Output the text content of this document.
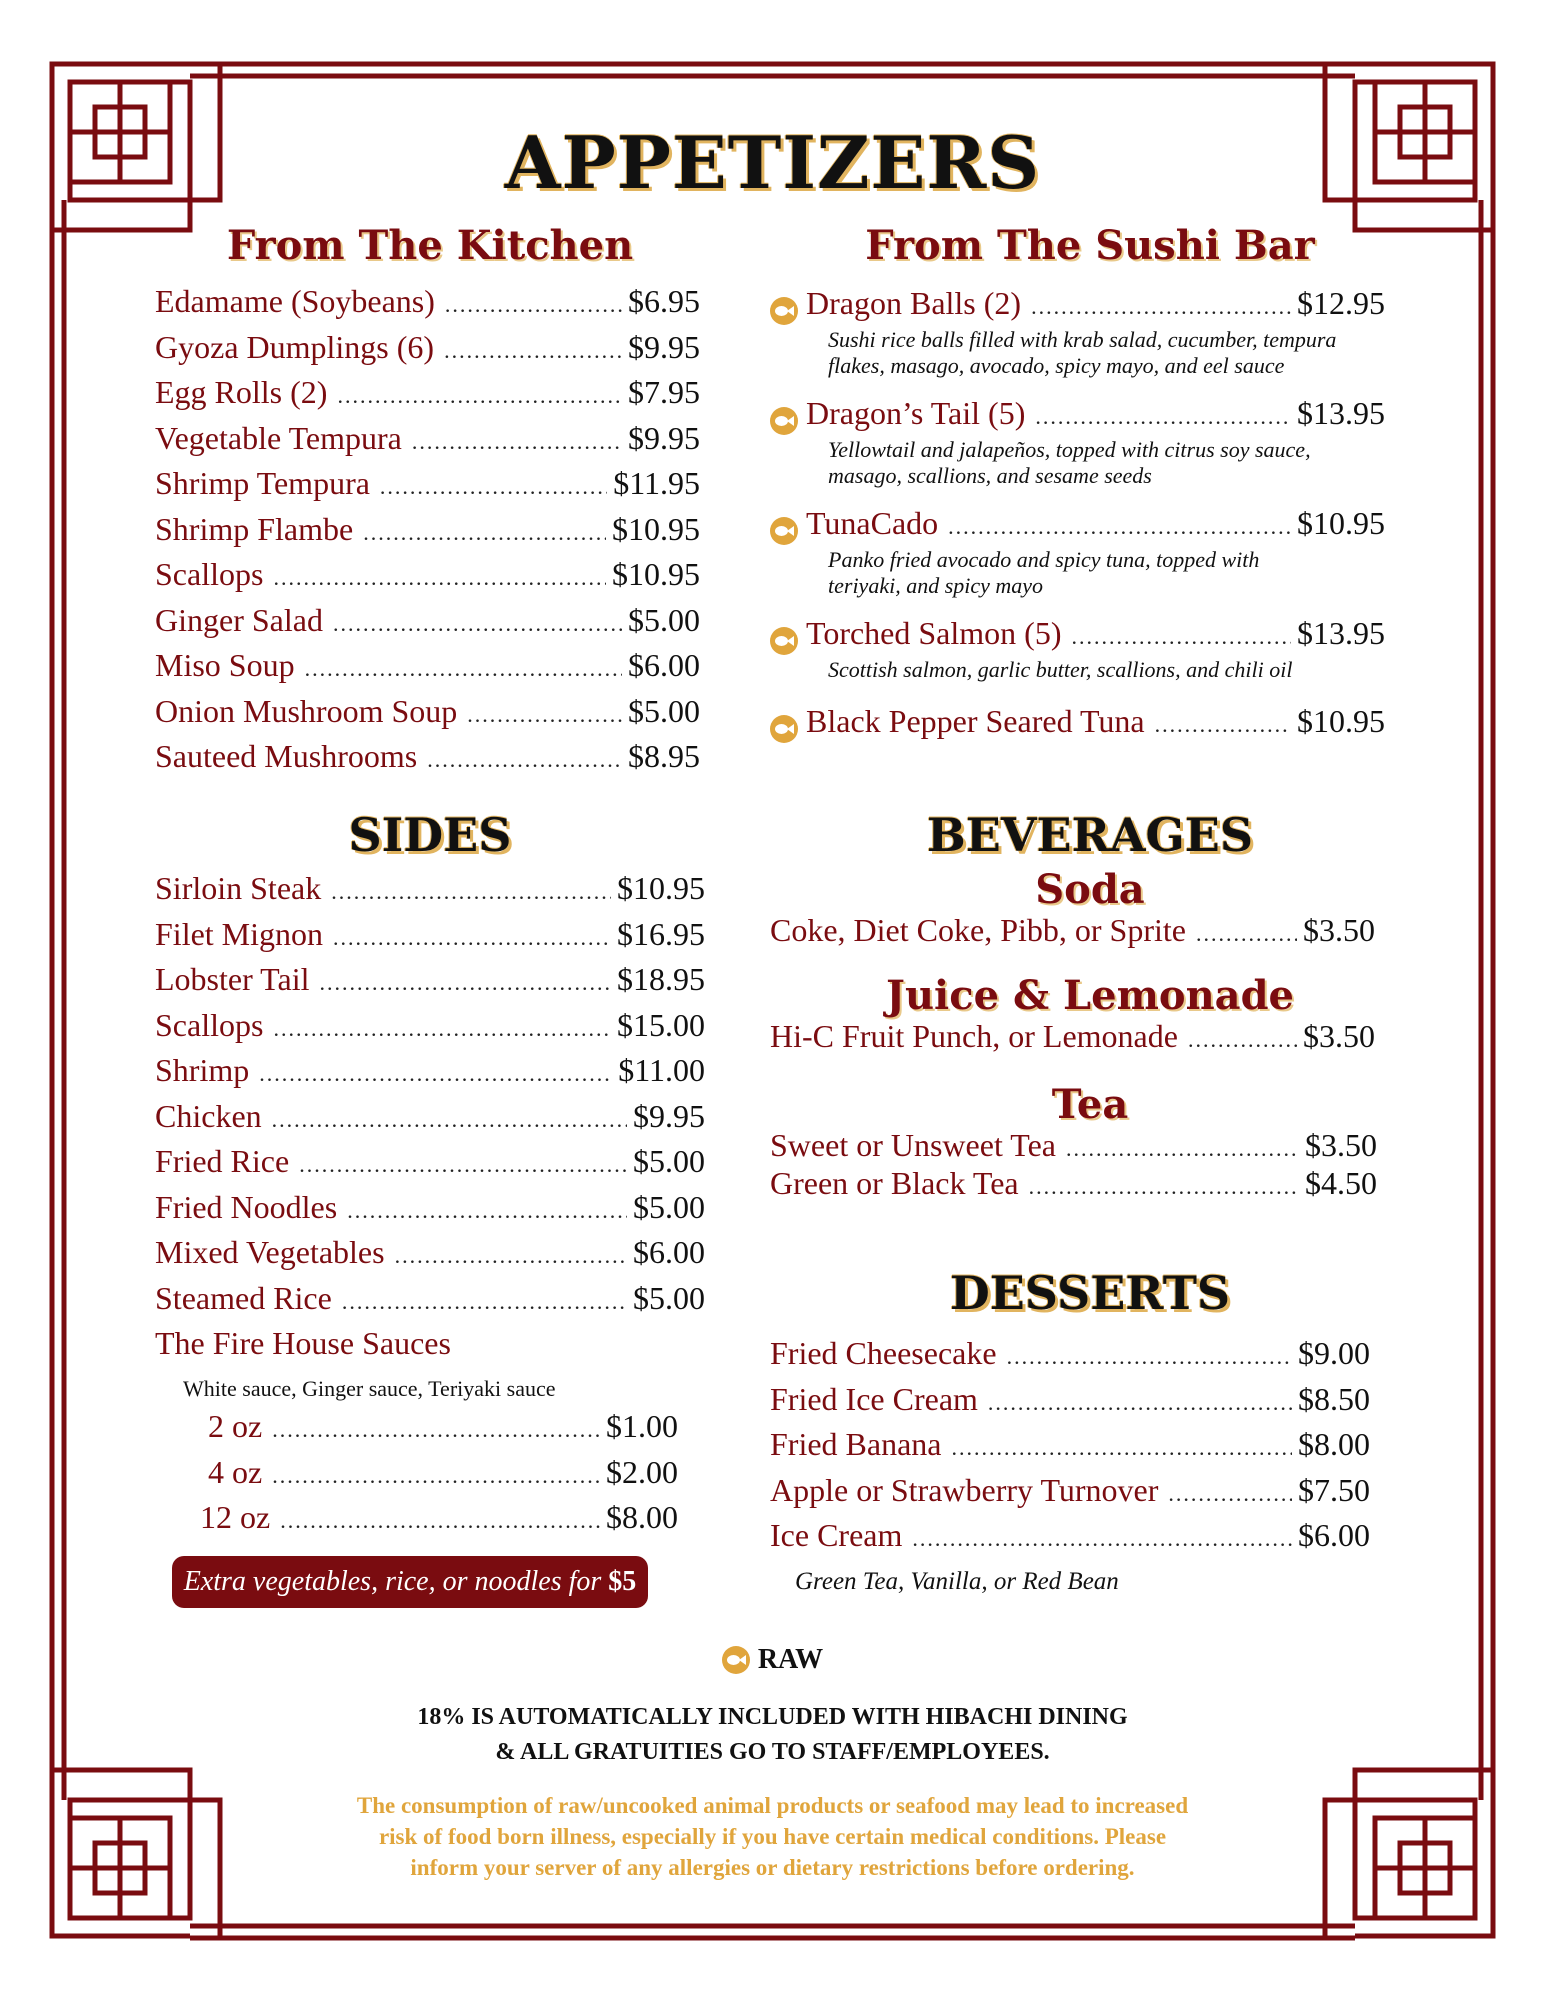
APPETIZERS
From The Kitchen
Edamame (Soybeans) .....	$6.95
Gyoza Dumplings (6) .....	$9.95
Egg Rolls (2) .....	$7.95
Vegetable Tempura .....	$9.95
Shrimp Tempura .....	$11.95
Shrimp Flambe .....	$10.95
Scallops .....	$10.95
Ginger Salad .....	$5.00
Miso Soup .....	$6.00
Onion Mushroom Soup .....	$5.00
Sauteed Mushrooms .....	$8.95
From The Sushi Bar
Dragon Balls (2) .....	$12.95
Sushi rice balls filled with krab salad, cucumber, tempura
flakes, masago, avocado, spicy mayo, and eel sauce
Dragon’s Tail (5) .....	$13.95
Yellowtail and jalapeños, topped with citrus soy sauce,
masago, scallions, and sesame seeds
TunaCado .....	$10.95
Panko fried avocado and spicy tuna, topped with
teriyaki, and spicy mayo
Torched Salmon (5) .....	$13.95
Scottish salmon, garlic butter, scallions, and chili oil
Black Pepper Seared Tuna .....	$10.95
SIDES
Sirloin Steak .....	$10.95
Filet Mignon .....	$16.95
Lobster Tail .....	$18.95
Scallops .....	$15.00
Shrimp .....	$11.00
Chicken .....	$9.95
Fried Rice .....	$5.00
Fried Noodles .....	$5.00
Mixed Vegetables .....	$6.00
Steamed Rice .....	$5.00
The Fire House Sauces
White sauce, Ginger sauce, Teriyaki sauce
2 oz .....	$1.00
4 oz .....	$2.00
12 oz .....	$8.00
Extra vegetables, rice, or noodles for $5
BEVERAGES
Soda
Coke, Diet Coke, Pibb, or Sprite .....	$3.50
Juice & Lemonade
Hi-C Fruit Punch, or Lemonade .....	$3.50
Tea
Sweet or Unsweet Tea .....	$3.50
Green or Black Tea .....	$4.50
DESSERTS
Fried Cheesecake .....	$9.00
Fried Ice Cream .....	$8.50
Fried Banana .....	$8.00
Apple or Strawberry Turnover .....	$7.50
Ice Cream .....	$6.00
Green Tea, Vanilla, or Red Bean
RAW
18% IS AUTOMATICALLY INCLUDED WITH HIBACHI DINING
& ALL GRATUITIES GO TO STAFF/EMPLOYEES.
The consumption of raw/uncooked animal products or seafood may lead to increased
risk of food born illness, especially if you have certain medical conditions. Please
inform your server of any allergies or dietary restrictions before ordering.
